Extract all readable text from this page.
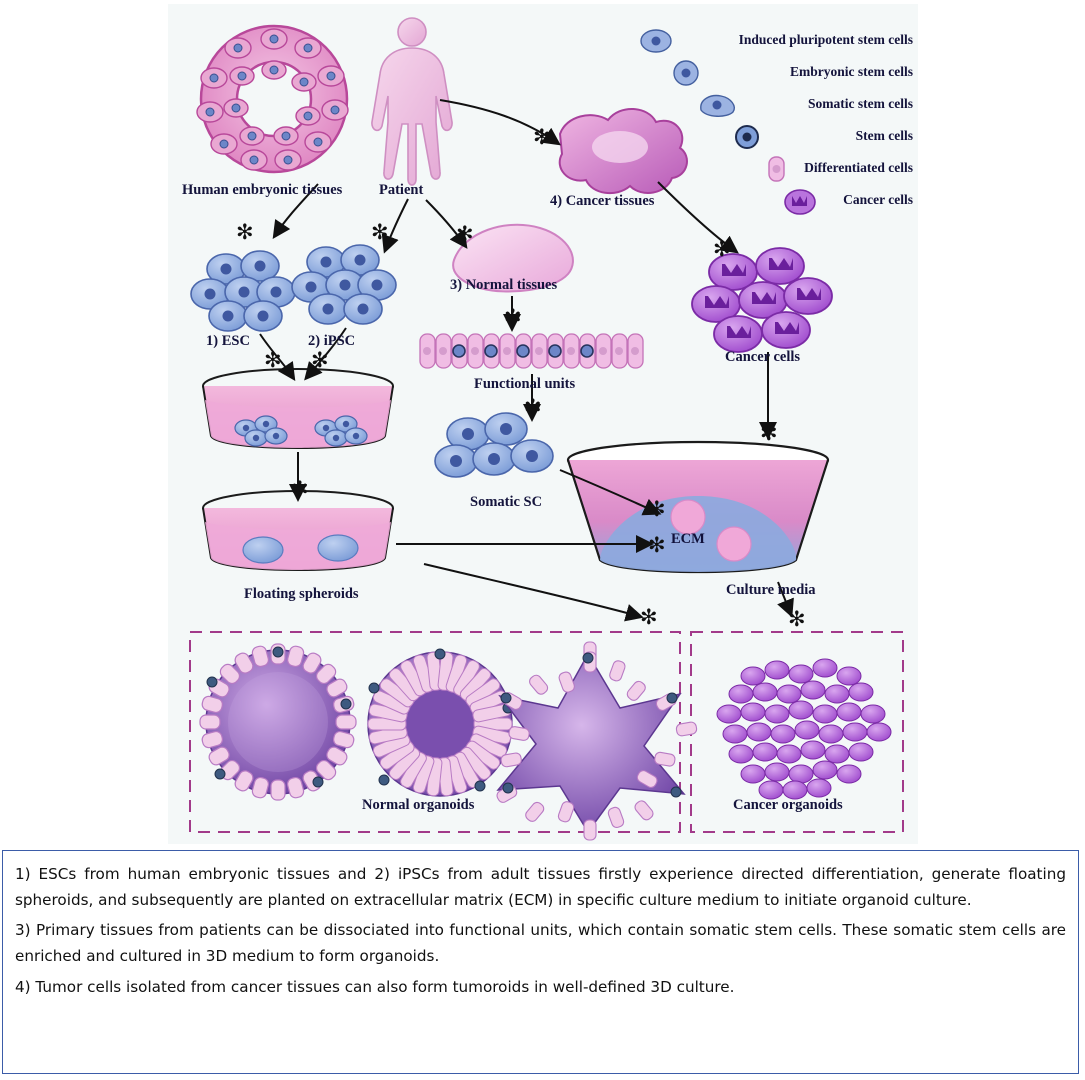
✻	✻	✻
✻
✻ ✻
✻
✻
✻
✻
✻
✻
✻
✻	✻
Human embryonic tissues	Patient
4) Cancer tissues
1) ESC	2) iPSC
3) Normal tissues
Cancer cells
Functional units
Somatic SC
Floating spheroids
ECM
Culture media
Normal organoids	Cancer organoids
Induced pluripotent stem cells
Embryonic stem cells
Somatic stem cells
Stem cells
Differentiated cells
Cancer cells

1) ESCs from human embryonic tissues and 2) iPSCs from adult tissues firstly experience directed differentiation, generate floating spheroids, and subsequently are planted on extracellular matrix (ECM) in specific culture medium to initiate organoid culture.

3) Primary tissues from patients can be dissociated into functional units, which contain somatic stem cells. These somatic stem cells are enriched and cultured in 3D medium to form organoids.

4) Tumor cells isolated from cancer tissues can also form tumoroids in well-defined 3D culture.
